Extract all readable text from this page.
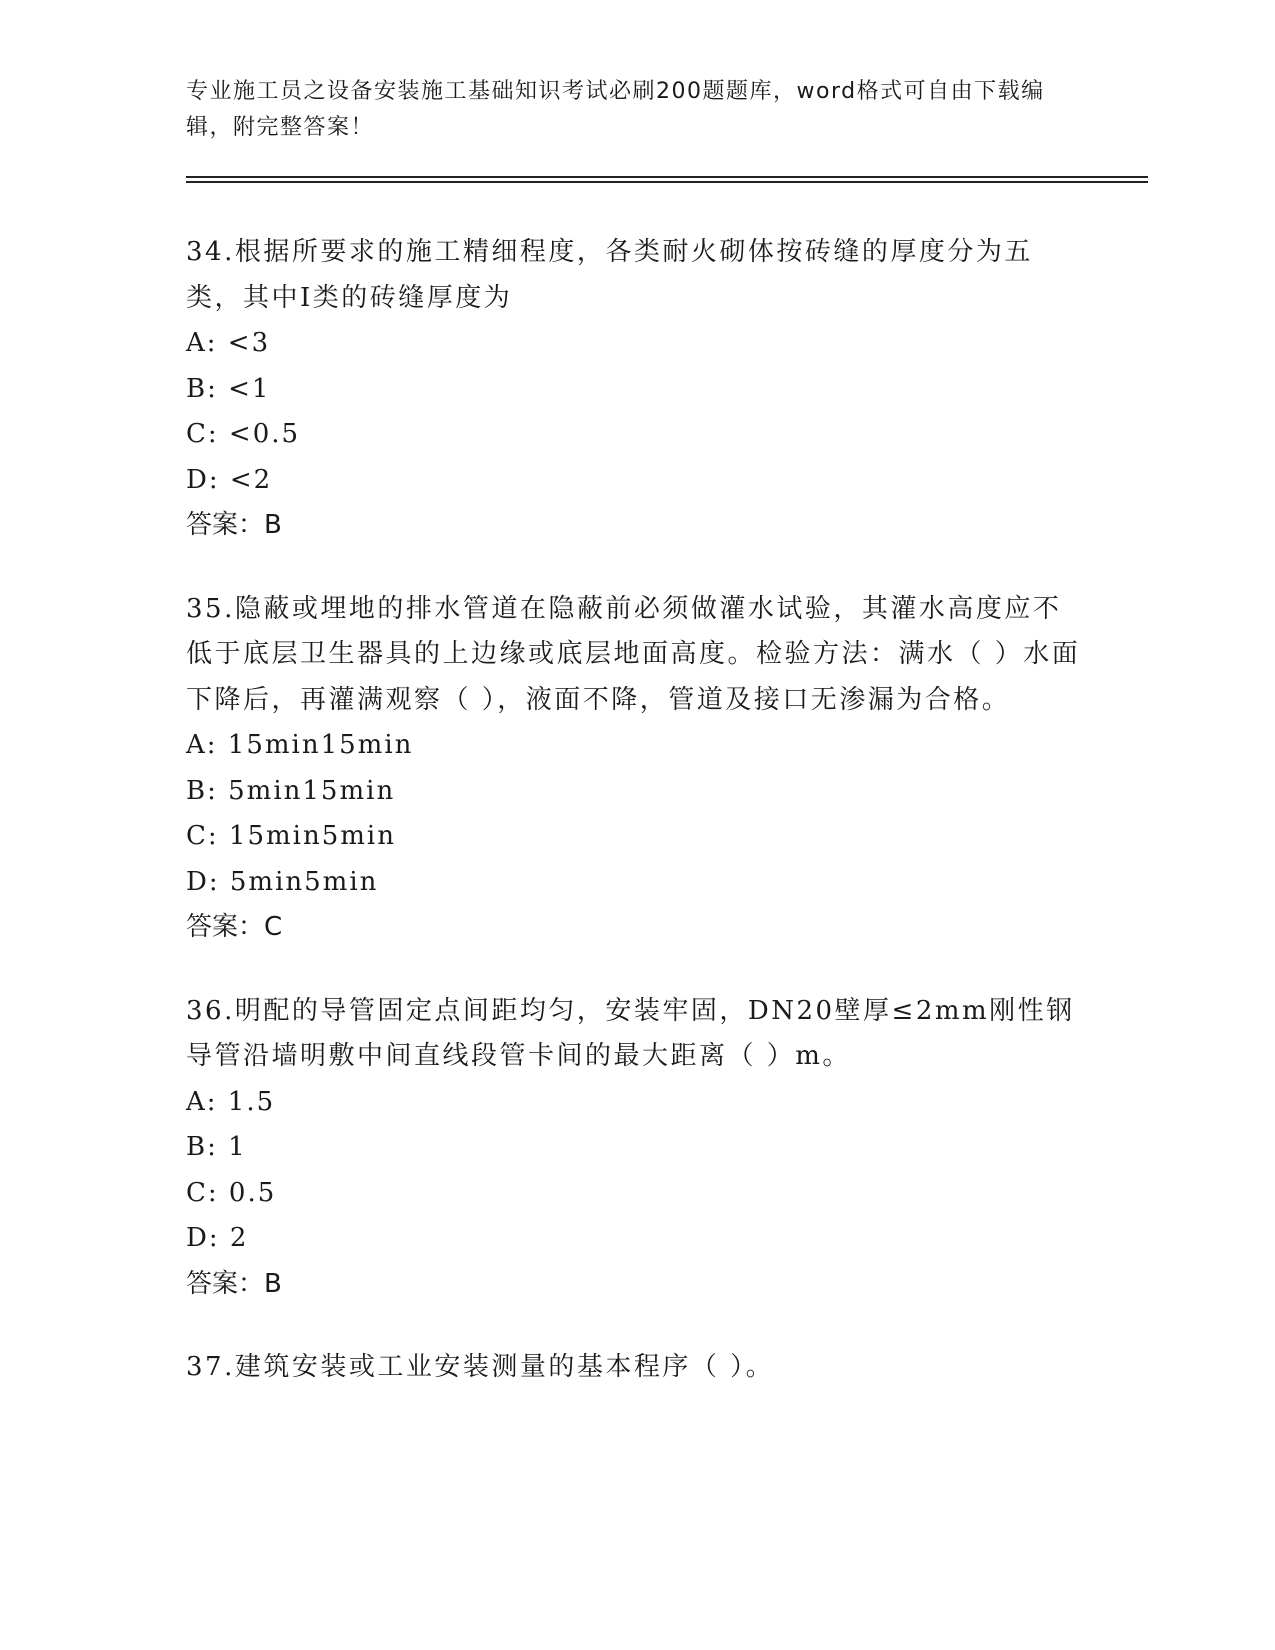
专业施工员之设备安装施工基础知识考试必刷200题题库，word格式可自由下载编辑，附完整答案！

34.根据所要求的施工精细程度，各类耐火砌体按砖缝的厚度分为五类，其中Ⅰ类的砖缝厚度为

A: <3

B: <1

C: <0.5

D: <2

答案：B

35.隐蔽或埋地的排水管道在隐蔽前必须做灌水试验，其灌水高度应不低于底层卫生器具的上边缘或底层地面高度。检验方法：满水（ ）水面下降后，再灌满观察（ ），液面不降，管道及接口无渗漏为合格。

A: 15min15min

B: 5min15min

C: 15min5min

D: 5min5min

答案：C

36.明配的导管固定点间距均匀，安装牢固，DN20壁厚≤2mm刚性钢导管沿墙明敷中间直线段管卡间的最大距离（ ）m。

A: 1.5

B: 1

C: 0.5

D: 2

答案：B

37.建筑安装或工业安装测量的基本程序（ ）。
